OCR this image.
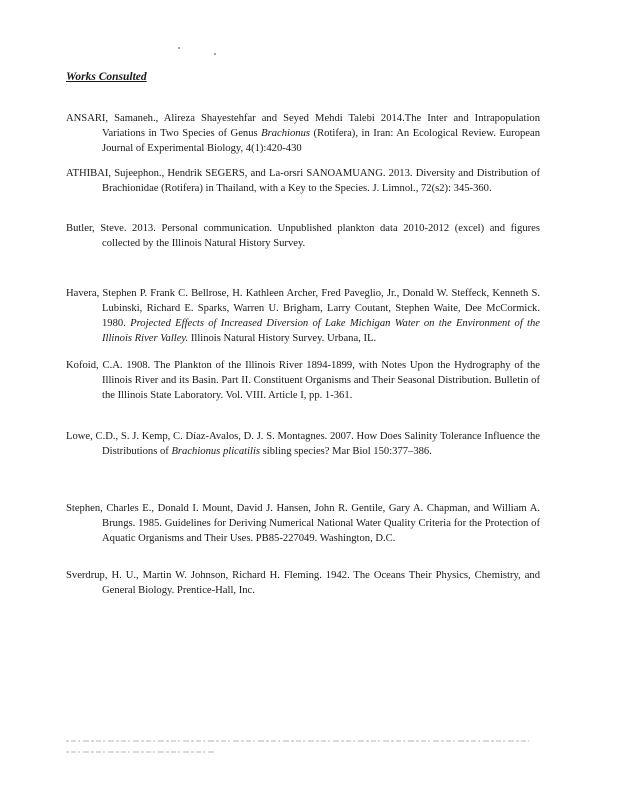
Works Consulted
ANSARI, Samaneh., Alireza Shayestehfar and Seyed Mehdi Talebi 2014.The Inter and Intrapopulation Variations in Two Species of Genus Brachionus (Rotifera), in Iran: An Ecological Review. European Journal of Experimental Biology, 4(1):420-430
ATHIBAI, Sujeephon., Hendrik SEGERS, and La-orsri SANOAMUANG. 2013. Diversity and Distribution of Brachionidae (Rotifera) in Thailand, with a Key to the Species. J. Limnol., 72(s2): 345-360.
Butler, Steve. 2013. Personal communication. Unpublished plankton data 2010-2012 (excel) and figures collected by the Illinois Natural History Survey.
Havera, Stephen P. Frank C. Bellrose, H. Kathleen Archer, Fred Paveglio, Jr., Donald W. Steffeck, Kenneth S. Lubinski, Richard E. Sparks, Warren U. Brigham, Larry Coutant, Stephen Waite, Dee McCormick. 1980. Projected Effects of Increased Diversion of Lake Michigan Water on the Environment of the Illinois River Valley. Illinois Natural History Survey. Urbana, IL.
Kofoid, C.A. 1908. The Plankton of the Illinois River 1894-1899, with Notes Upon the Hydrography of the Illinois River and its Basin. Part II. Constituent Organisms and Their Seasonal Distribution. Bulletin of the Illinois State Laboratory. Vol. VIII. Article I, pp. 1-361.
Lowe, C.D., S. J. Kemp, C. Díaz-Avalos, D. J. S. Montagnes. 2007. How Does Salinity Tolerance Influence the Distributions of Brachionus plicatilis sibling species? Mar Biol 150:377–386.
Stephen, Charles E., Donald I. Mount, David J. Hansen, John R. Gentile, Gary A. Chapman, and William A. Brungs. 1985. Guidelines for Deriving Numerical National Water Quality Criteria for the Protection of Aquatic Organisms and Their Uses. PB85-227049. Washington, D.C.
Sverdrup, H. U., Martin W. Johnson, Richard H. Fleming. 1942. The Oceans Their Physics, Chemistry, and General Biology. Prentice-Hall, Inc.
